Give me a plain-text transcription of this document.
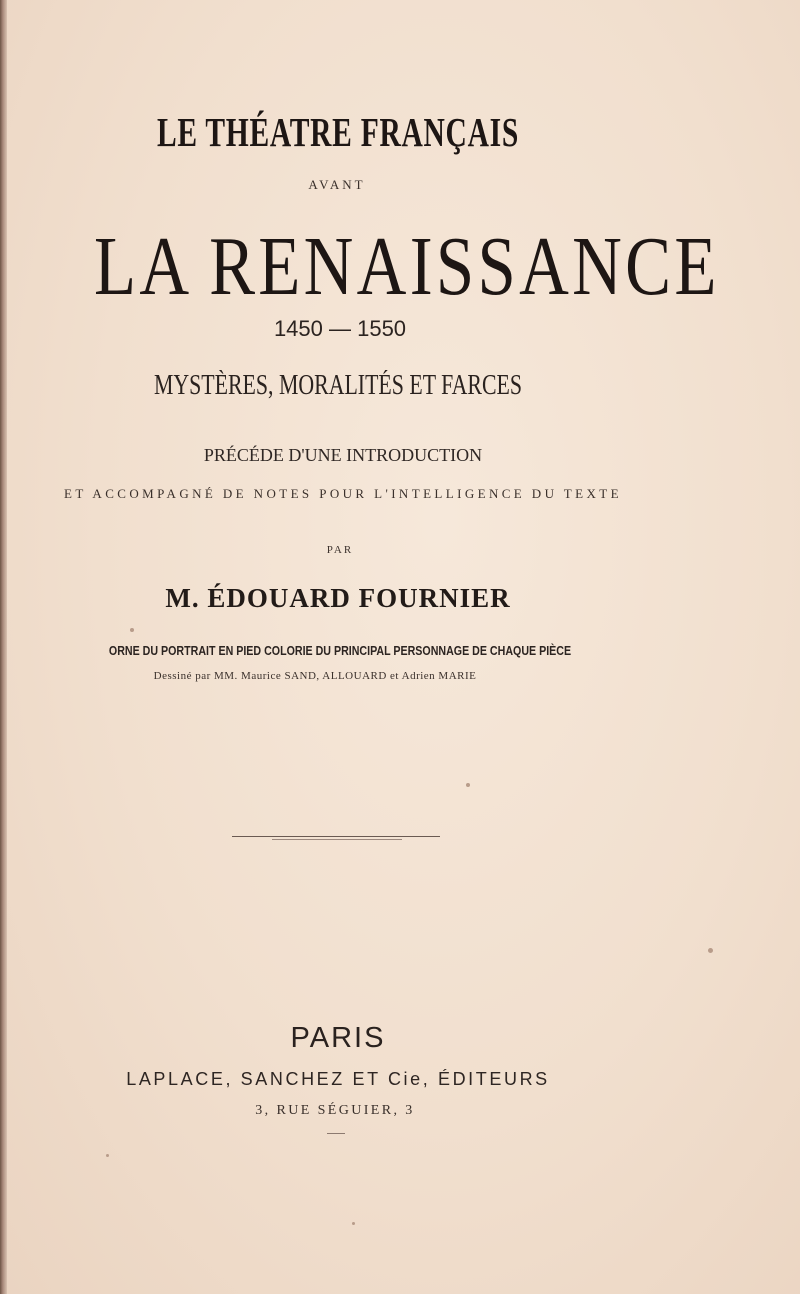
LE THÉATRE FRANÇAIS
AVANT
LA RENAISSANCE
1450 — 1550
MYSTÈRES, MORALITÉS ET FARCES
PRÉCÉDE D'UNE INTRODUCTION
ET ACCOMPAGNÉ DE NOTES POUR L'INTELLIGENCE DU TEXTE
PAR
M. ÉDOUARD FOURNIER
ORNE DU PORTRAIT EN PIED COLORIE DU PRINCIPAL PERSONNAGE DE CHAQUE PIÈCE
Dessiné par MM. Maurice SAND, ALLOUARD et Adrien MARIE
PARIS
LAPLACE, SANCHEZ ET Cie, ÉDITEURS
3, RUE SÉGUIER, 3
